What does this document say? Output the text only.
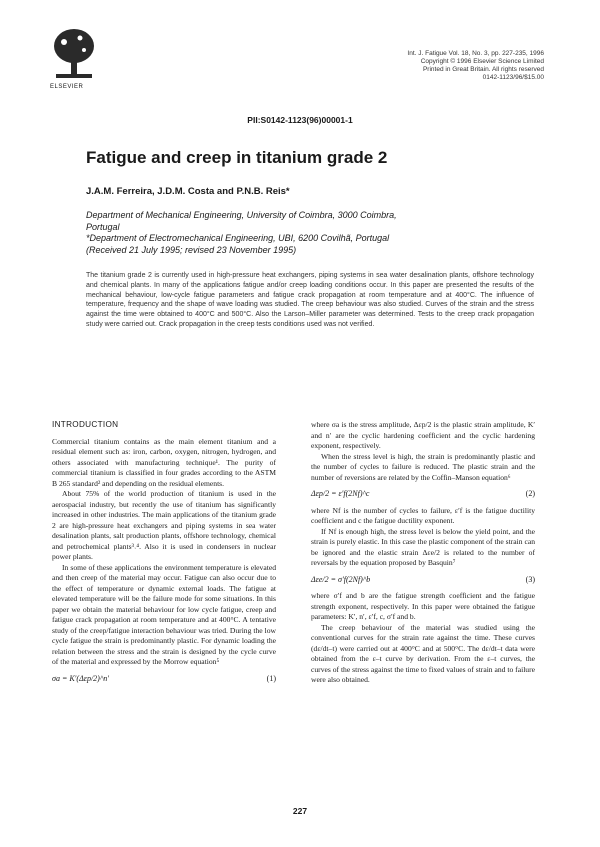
ELSEVIER
Int. J. Fatigue Vol. 18, No. 3, pp. 227-235, 1996
Copyright © 1996 Elsevier Science Limited
Printed in Great Britain. All rights reserved
0142-1123/96/$15.00
PII:S0142-1123(96)00001-1
Fatigue and creep in titanium grade 2
J.A.M. Ferreira, J.D.M. Costa and P.N.B. Reis*
Department of Mechanical Engineering, University of Coimbra, 3000 Coimbra,
Portugal
*Department of Electromechanical Engineering, UBI, 6200 Covilhã, Portugal
(Received 21 July 1995; revised 23 November 1995)
The titanium grade 2 is currently used in high-pressure heat exchangers, piping systems in sea water desalination plants, offshore technology and chemical plants. In many of the applications fatigue and/or creep loading conditions occur. In this paper are presented the results of the mechanical behaviour, low-cycle fatigue parameters and fatigue crack propagation at room temperature and at 400°C. The influence of temperature, frequency and the shape of wave loading was studied. The creep behaviour was also studied. Curves of the strain and the stress against the time were obtained to 400°C and 500°C. Also the Larson–Miller parameter was determined. Tests to the creep crack propagation study were carried out. Crack propagation in the creep tests conditions used was not verified.
INTRODUCTION

Commercial titanium contains as the main element titanium and a residual element such as: iron, carbon, oxygen, nitrogen, hydrogen, and others associated with manufacturing technique¹. The purity of commercial titanium is classified in four grades according to the ASTM B 265 standard² and depending on the residual elements.

About 75% of the world production of titanium is used in the aerospacial industry, but recently the use of titanium has significantly increased in other industries. The main applications of the titanium grade 2 are high-pressure heat exchangers and piping systems in sea water desalination plants, salt production plants, offshore technology, chemical and petrochemical plants³˒⁴. Also it is used in condensers in nuclear power plants.

In some of these applications the environment temperature is elevated and then creep of the material may occur. Fatigue can also occur due to the effect of temperature or dynamic external loads. The fatigue at elevated temperature will be the failure mode for some situations. In this paper we obtain the material behaviour for low cycle fatigue, creep and fatigue crack propagation at room temperature and at 400°C. A tentative study of the creep/fatigue interaction behaviour was tried. During the low cycle fatigue the strain is predominantly plastic. For dynamic loading the relation between the stress and the strain is designed by the cycle curve of the material and expressed by the Morrow equation⁵

σa = K′(Δεp/2)^n′	(1)

where σa is the stress amplitude, Δεp/2 is the plastic strain amplitude, K′ and n′ are the cyclic hardening coefficient and the cyclic hardening exponent, respectively.

When the stress level is high, the strain is predominantly plastic and the number of cycles to failure is reduced. The plastic strain and the number of reversions are related by the Coffin–Manson equation⁶

Δεp/2 = ε′f(2Nf)^c	(2)

where Nf is the number of cycles to failure, ε′f is the fatigue ductility coefficient and c the fatigue ductility exponent.

If Nf is enough high, the stress level is below the yield point, and the strain is purely elastic. In this case the plastic component of the strain can be ignored and the elastic strain Δεe/2 is related to the number of reversals by the equation proposed by Basquin⁷

Δεe/2 = σ′f(2Nf)^b	(3)

where σ′f and b are the fatigue strength coefficient and the fatigue strength exponent, respectively. In this paper were obtained the fatigue parameters: K′, n′, ε′f, c, σ′f and b.

The creep behaviour of the material was studied using the conventional curves for the strain rate against the time. These curves (dε/dt–t) were carried out at 400°C and at 500°C. The dε/dt–t data were obtained from the ε–t curve by derivation. From the ε–t curves, the curves of the stress against the time to fixed values of strain and to failure were also obtained.

227
